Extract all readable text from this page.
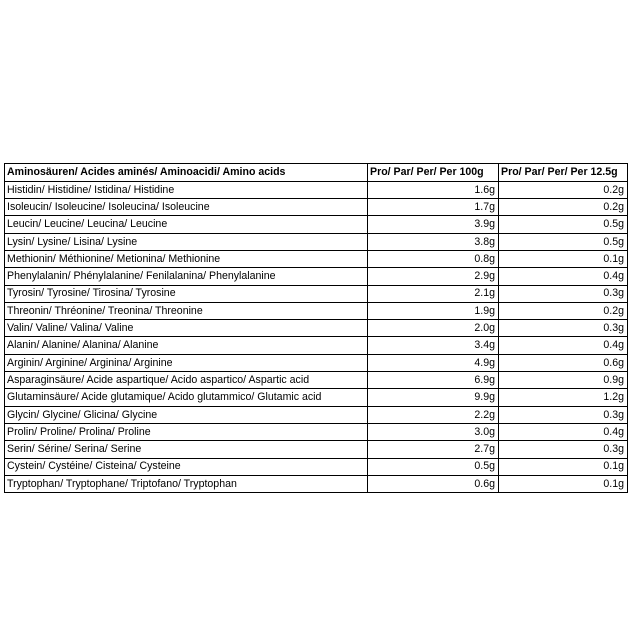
Aminosäuren/ Acides aminés/ Aminoacidi/ Amino acids	Pro/ Par/ Per/ Per 100g	Pro/ Par/ Per/ Per 12.5g
Histidin/ Histidine/ Istidina/ Histidine	1.6g	0.2g
Isoleucin/ Isoleucine/ Isoleucina/ Isoleucine	1.7g	0.2g
Leucin/ Leucine/ Leucina/ Leucine	3.9g	0.5g
Lysin/ Lysine/ Lisina/ Lysine	3.8g	0.5g
Methionin/ Méthionine/ Metionina/ Methionine	0.8g	0.1g
Phenylalanin/ Phénylalanine/ Fenilalanina/ Phenylalanine	2.9g	0.4g
Tyrosin/ Tyrosine/ Tirosina/ Tyrosine	2.1g	0.3g
Threonin/ Thréonine/ Treonina/ Threonine	1.9g	0.2g
Valin/ Valine/ Valina/ Valine	2.0g	0.3g
Alanin/ Alanine/ Alanina/ Alanine	3.4g	0.4g
Arginin/ Arginine/ Arginina/ Arginine	4.9g	0.6g
Asparaginsäure/ Acide aspartique/ Acido aspartico/ Aspartic acid	6.9g	0.9g
Glutaminsäure/ Acide glutamique/ Acido glutammico/ Glutamic acid	9.9g	1.2g
Glycin/ Glycine/ Glicina/ Glycine	2.2g	0.3g
Prolin/ Proline/ Prolina/ Proline	3.0g	0.4g
Serin/ Sérine/ Serina/ Serine	2.7g	0.3g
Cystein/ Cystéine/ Cisteina/ Cysteine	0.5g	0.1g
Tryptophan/ Tryptophane/ Triptofano/ Tryptophan	0.6g	0.1g
